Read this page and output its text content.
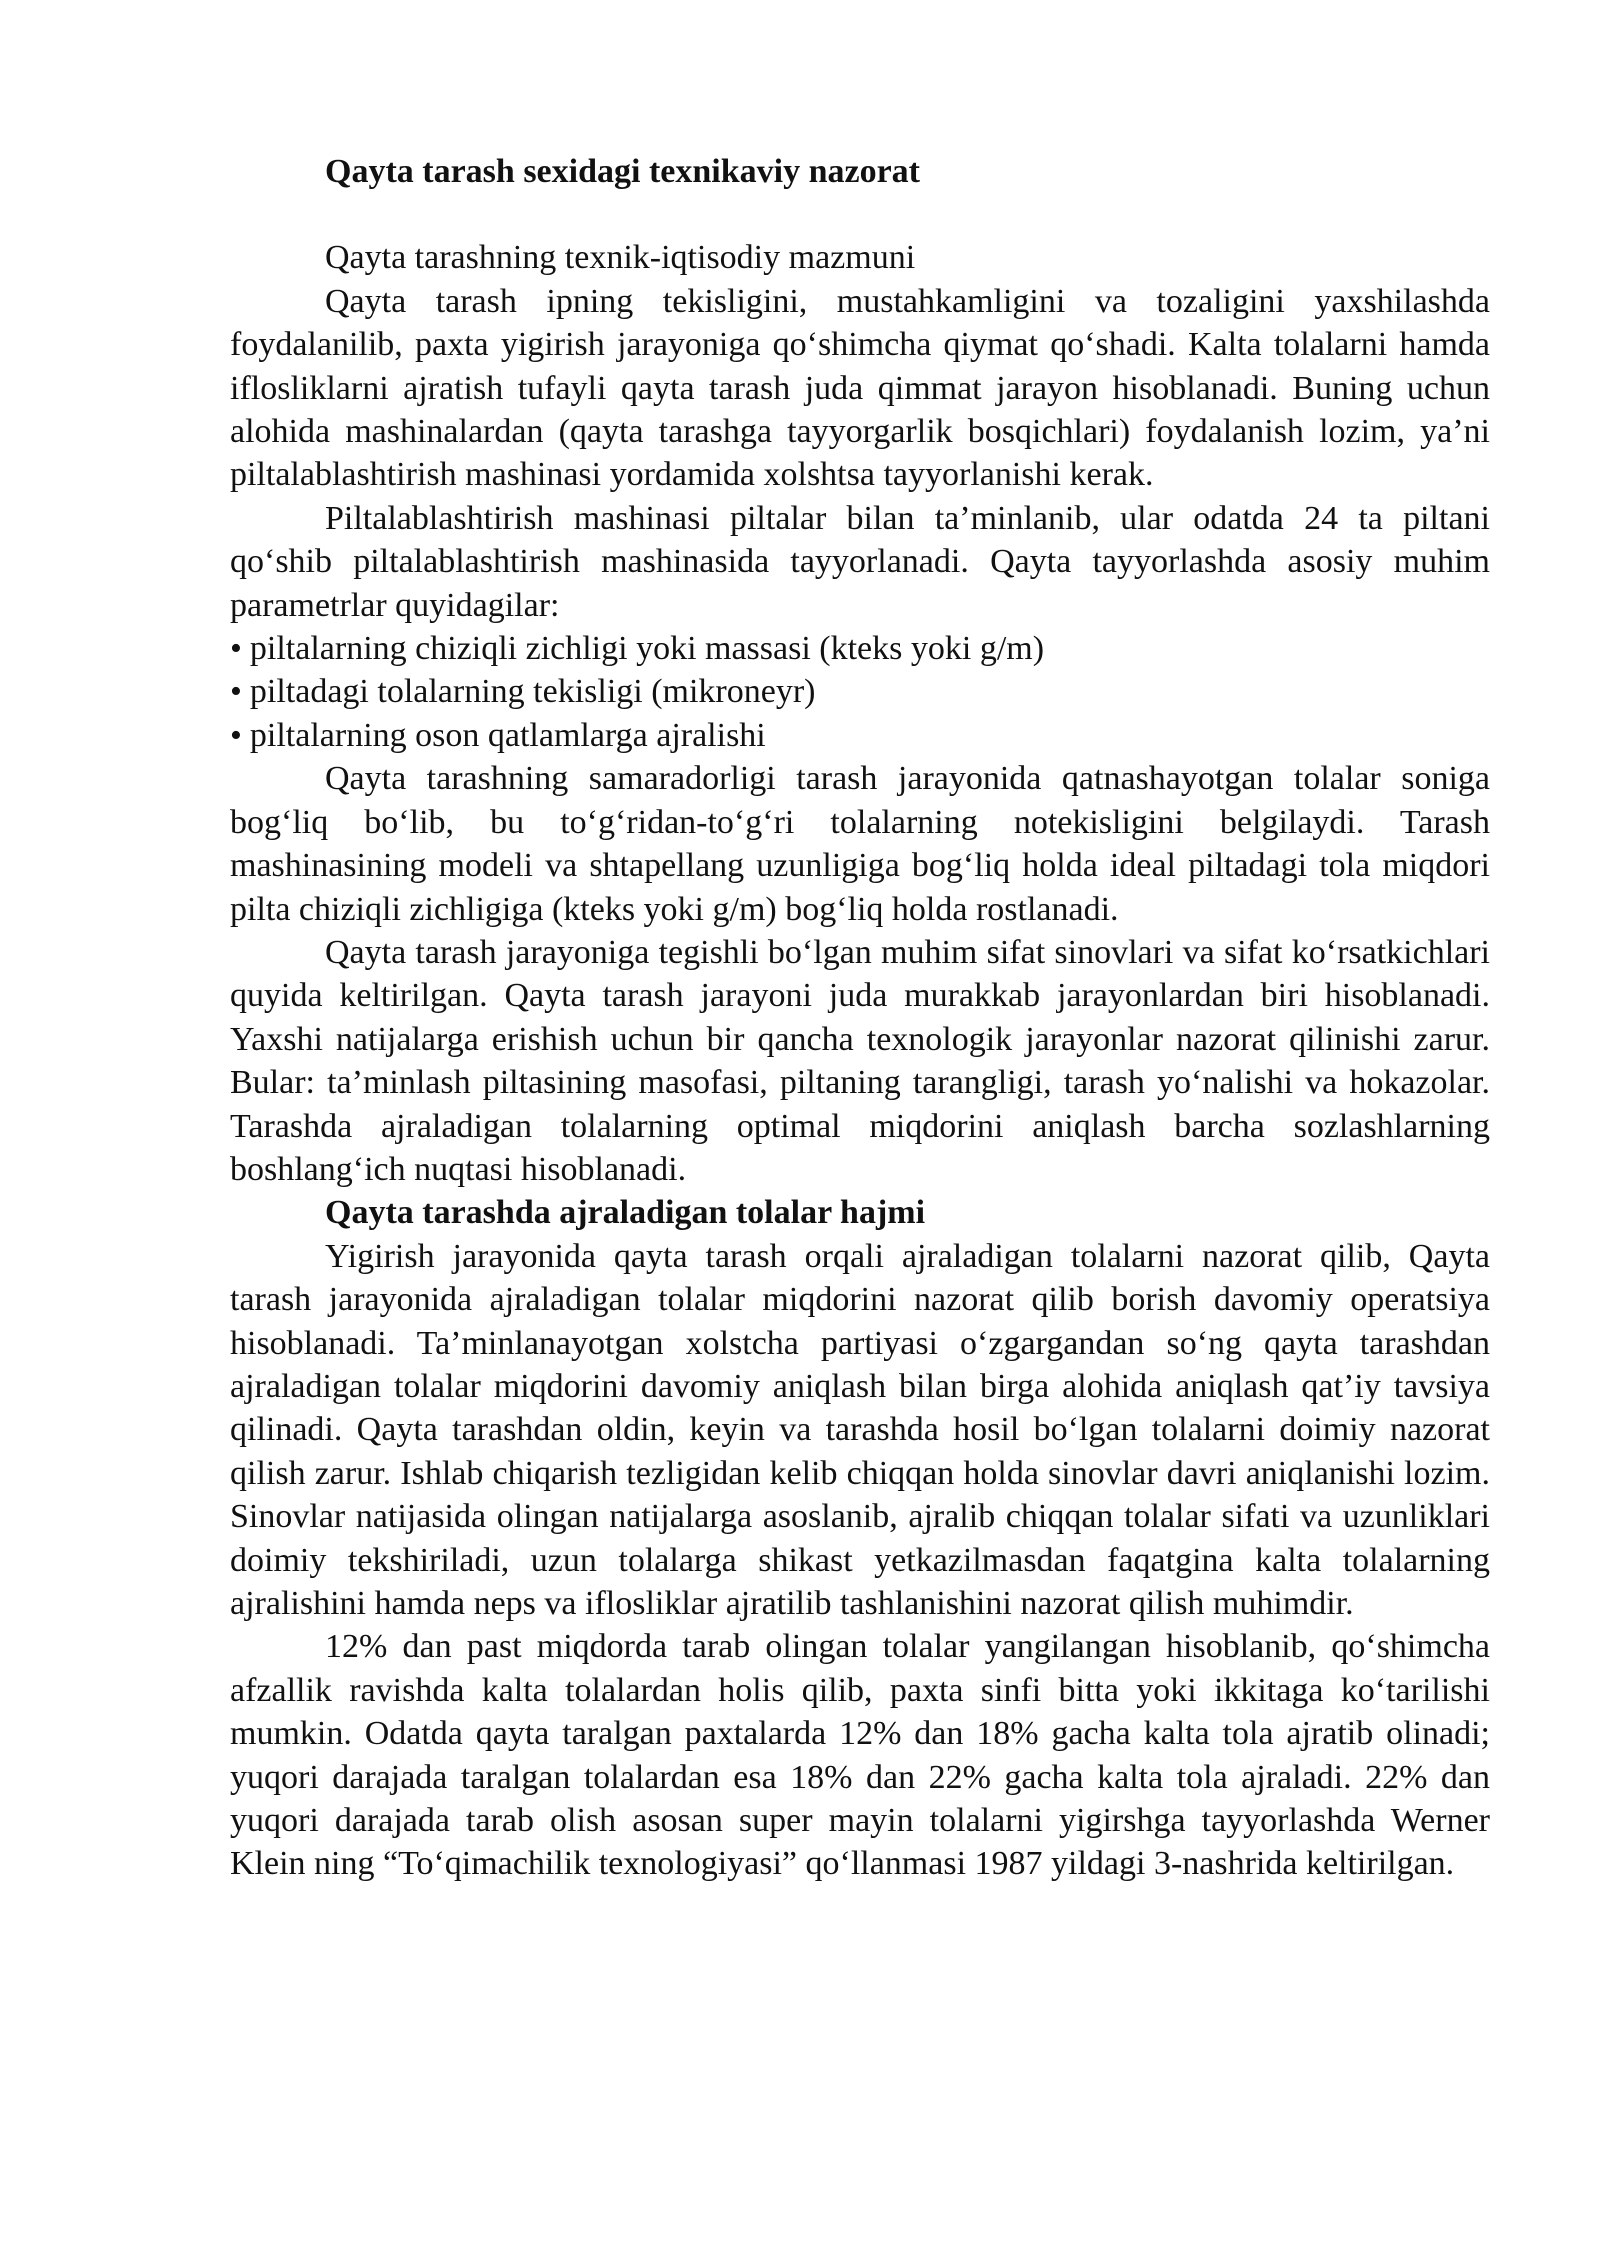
Qayta tarash sexidagi texnikaviy nazorat

Qayta tarashning texnik-iqtisodiy mazmuni

Qayta tarash ipning tekisligini, mustahkamligini va tozaligini yaxshilashda foydalanilib, paxta yigirish jarayoniga qo‘shimcha qiymat qo‘shadi. Kalta tolalarni hamda iflosliklarni ajratish tufayli qayta tarash juda qimmat jarayon hisoblanadi. Buning uchun alohida mashinalardan (qayta tarashga tayyorgarlik bosqichlari) foydalanish lozim, ya’ni piltalablashtirish mashinasi yordamida xolshtsa tayyorlanishi kerak.

Piltalablashtirish mashinasi piltalar bilan ta’minlanib, ular odatda 24 ta piltani qo‘shib piltalablashtirish mashinasida tayyorlanadi. Qayta tayyorlashda asosiy muhim parametrlar quyidagilar:

• piltalarning chiziqli zichligi yoki massasi (kteks yoki g/m)
• piltadagi tolalarning tekisligi (mikroneyr)
• piltalarning oson qatlamlarga ajralishi

Qayta tarashning samaradorligi tarash jarayonida qatnashayotgan tolalar soniga bog‘liq bo‘lib, bu to‘g‘ridan-to‘g‘ri tolalarning notekisligini belgilaydi. Tarash mashinasining modeli va shtapellang uzunligiga bog‘liq holda ideal piltadagi tola miqdori pilta chiziqli zichligiga (kteks yoki g/m) bog‘liq holda rostlanadi.

Qayta tarash jarayoniga tegishli bo‘lgan muhim sifat sinovlari va sifat ko‘rsatkichlari quyida keltirilgan. Qayta tarash jarayoni juda murakkab jarayonlardan biri hisoblanadi. Yaxshi natijalarga erishish uchun bir qancha texnologik jarayonlar nazorat qilinishi zarur. Bular: ta’minlash piltasining masofasi, piltaning tarangligi, tarash yo‘nalishi va hokazolar. Tarashda ajraladigan tolalarning optimal miqdorini aniqlash barcha sozlashlarning boshlang‘ich nuqtasi hisoblanadi.

Qayta tarashda ajraladigan tolalar hajmi

Yigirish jarayonida qayta tarash orqali ajraladigan tolalarni nazorat qilib, Qayta tarash jarayonida ajraladigan tolalar miqdorini nazorat qilib borish davomiy operatsiya hisoblanadi. Ta’minlanayotgan xolstcha partiyasi o‘zgargandan so‘ng qayta tarashdan ajraladigan tolalar miqdorini davomiy aniqlash bilan birga alohida aniqlash qat’iy tavsiya qilinadi. Qayta tarashdan oldin, keyin va tarashda hosil bo‘lgan tolalarni doimiy nazorat qilish zarur. Ishlab chiqarish tezligidan kelib chiqqan holda sinovlar davri aniqlanishi lozim. Sinovlar natijasida olingan natijalarga asoslanib, ajralib chiqqan tolalar sifati va uzunliklari doimiy tekshiriladi, uzun tolalarga shikast yetkazilmasdan faqatgina kalta tolalarning ajralishini hamda neps va iflosliklar ajratilib tashlanishini nazorat qilish muhimdir.

12% dan past miqdorda tarab olingan tolalar yangilangan hisoblanib, qo‘shimcha afzallik ravishda kalta tolalardan holis qilib, paxta sinfi bitta yoki ikkitaga ko‘tarilishi mumkin. Odatda qayta taralgan paxtalarda 12% dan 18% gacha kalta tola ajratib olinadi; yuqori darajada taralgan tolalardan esa 18% dan 22% gacha kalta tola ajraladi. 22% dan yuqori darajada tarab olish asosan super mayin tolalarni yigirshga tayyorlashda Werner Klein ning “To‘qimachilik texnologiyasi” qo‘llanmasi 1987 yildagi 3-nashrida keltirilgan.
